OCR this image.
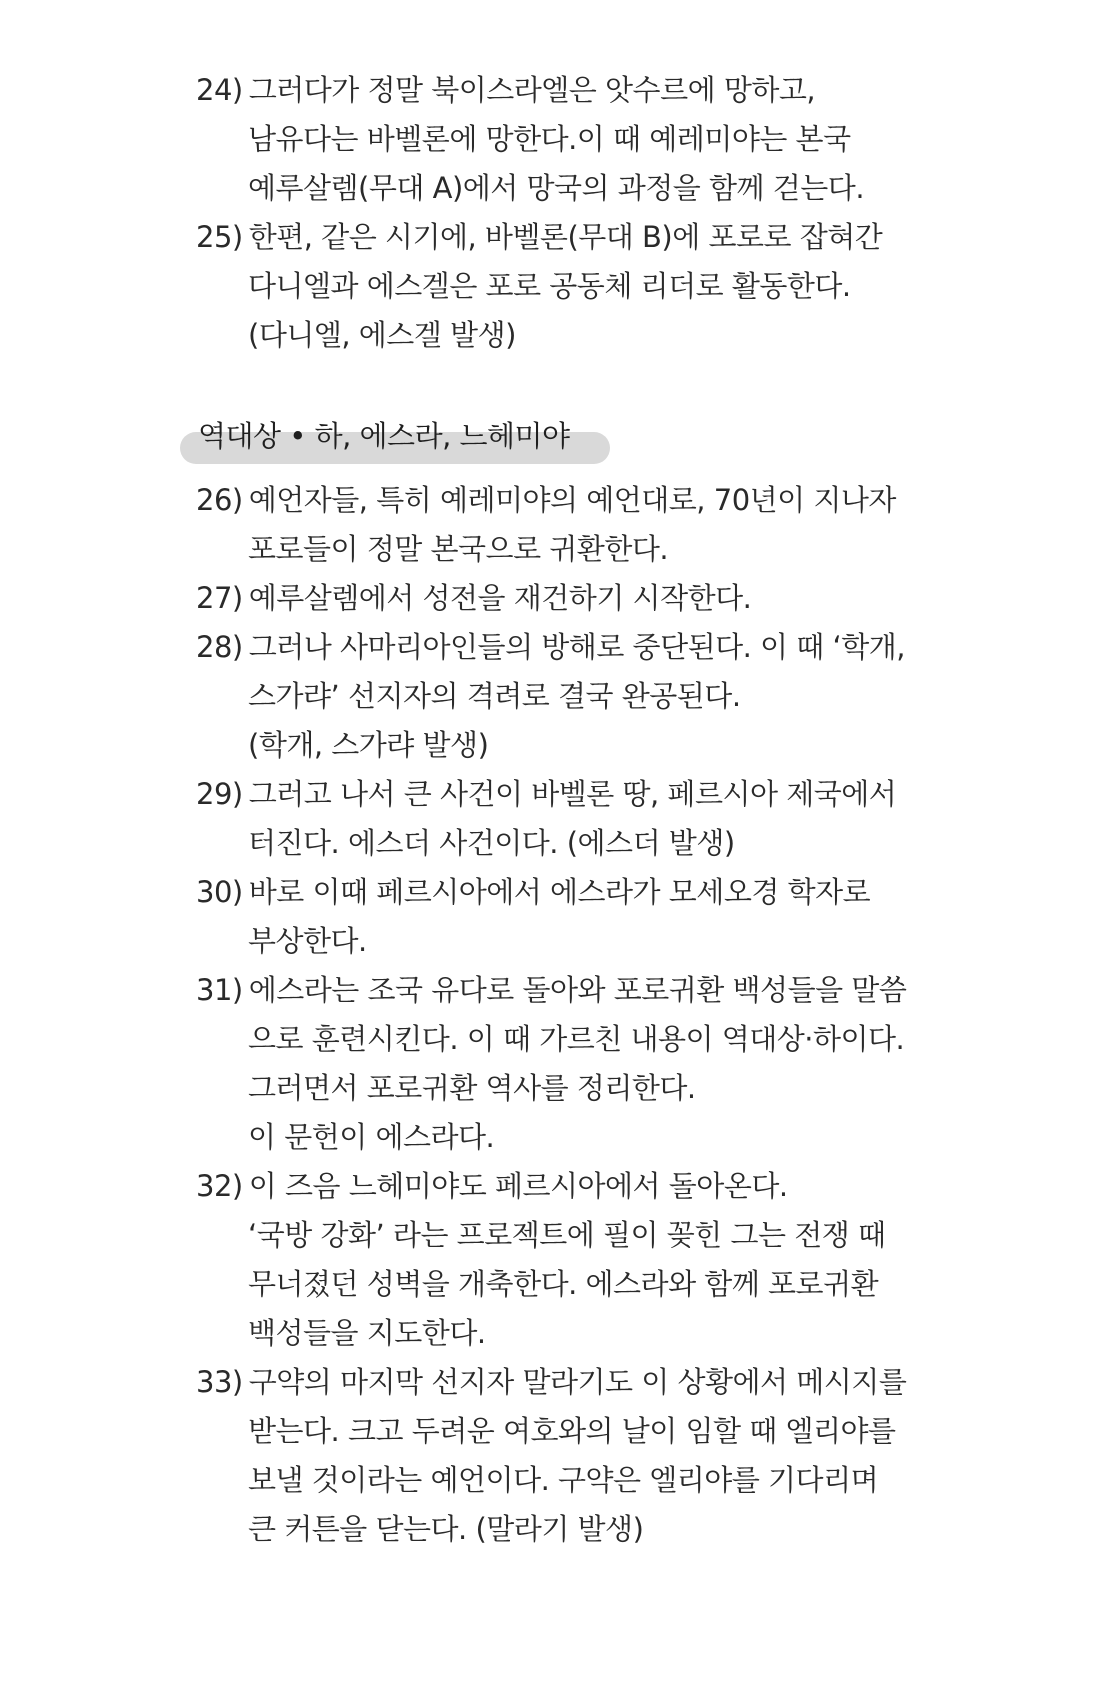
24) 그러다가 정말 북이스라엘은 앗수르에 망하고,
남유다는 바벨론에 망한다.이 때 예레미야는 본국
예루살렘(무대 A)에서 망국의 과정을 함께 걷는다.
25) 한편, 같은 시기에, 바벨론(무대 B)에 포로로 잡혀간
다니엘과 에스겔은 포로 공동체 리더로 활동한다.
(다니엘, 에스겔 발생)
역대상 • 하, 에스라, 느헤미야
26) 예언자들, 특히 예레미야의 예언대로, 70년이 지나자
포로들이 정말 본국으로 귀환한다.
27) 예루살렘에서 성전을 재건하기 시작한다.
28) 그러나 사마리아인들의 방해로 중단된다. 이 때 ‘학개,
스가랴’ 선지자의 격려로 결국 완공된다.
(학개, 스가랴 발생)
29) 그러고 나서 큰 사건이 바벨론 땅, 페르시아 제국에서
터진다. 에스더 사건이다. (에스더 발생)
30) 바로 이때 페르시아에서 에스라가 모세오경 학자로
부상한다.
31) 에스라는 조국 유다로 돌아와 포로귀환 백성들을 말씀
으로 훈련시킨다. 이 때 가르친 내용이 역대상·하이다.
그러면서 포로귀환 역사를 정리한다.
이 문헌이 에스라다.
32) 이 즈음 느헤미야도 페르시아에서 돌아온다.
‘국방 강화’ 라는 프로젝트에 필이 꽂힌 그는 전쟁 때
무너졌던 성벽을 개축한다. 에스라와 함께 포로귀환
백성들을 지도한다.
33) 구약의 마지막 선지자 말라기도 이 상황에서 메시지를
받는다. 크고 두려운 여호와의 날이 임할 때 엘리야를
보낼 것이라는 예언이다. 구약은 엘리야를 기다리며
큰 커튼을 닫는다. (말라기 발생)
